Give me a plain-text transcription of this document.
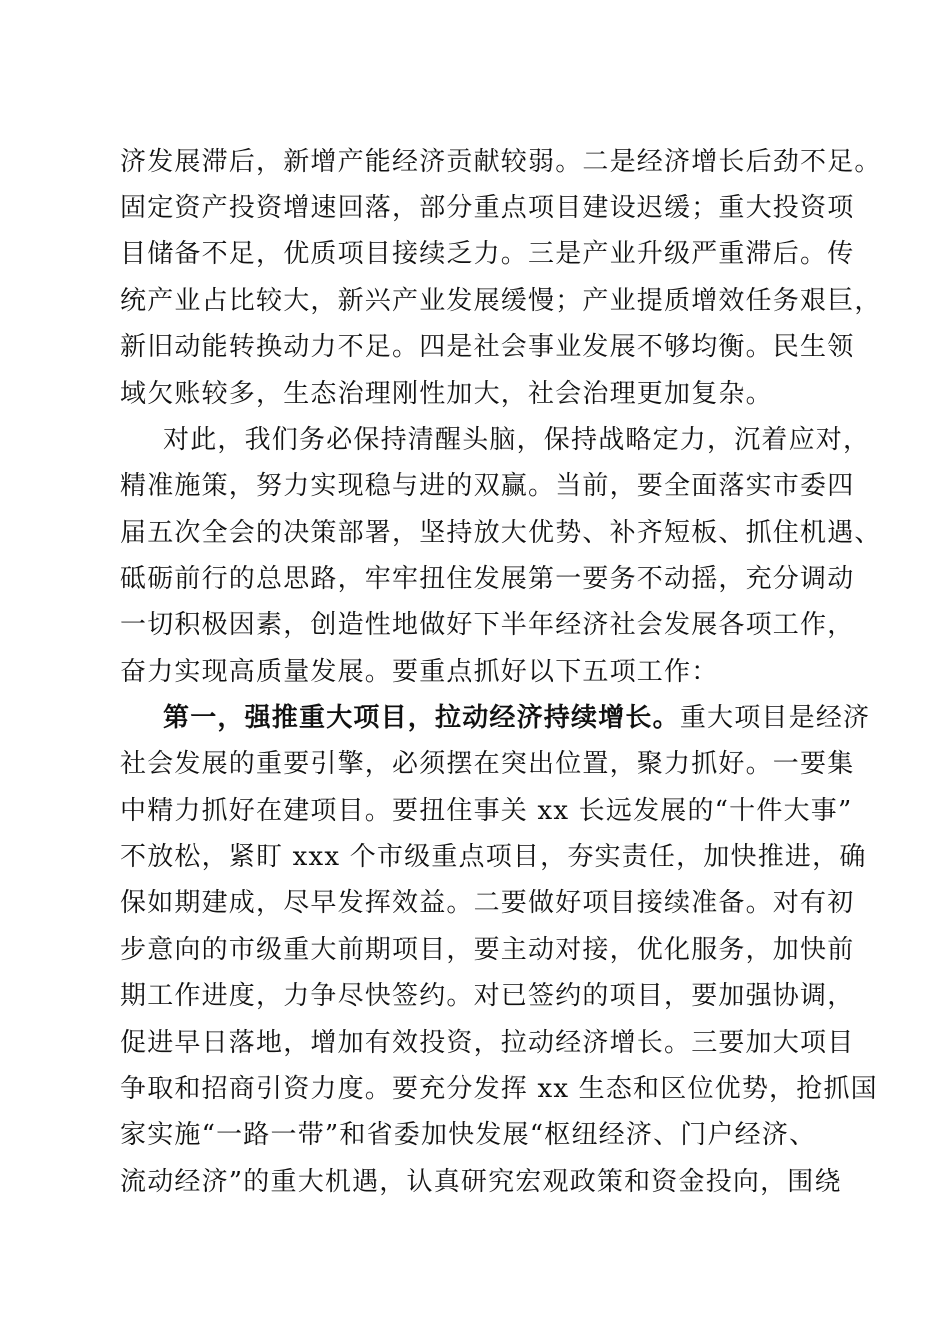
济发展滞后，新增产能经济贡献较弱。二是经济增长后劲不足。
固定资产投资增速回落，部分重点项目建设迟缓；重大投资项
目储备不足，优质项目接续乏力。三是产业升级严重滞后。传
统产业占比较大，新兴产业发展缓慢；产业提质增效任务艰巨，
新旧动能转换动力不足。四是社会事业发展不够均衡。民生领
域欠账较多，生态治理刚性加大，社会治理更加复杂。
对此，我们务必保持清醒头脑，保持战略定力，沉着应对，
精准施策，努力实现稳与进的双赢。当前，要全面落实市委四
届五次全会的决策部署，坚持放大优势、补齐短板、抓住机遇、
砥砺前行的总思路，牢牢扭住发展第一要务不动摇，充分调动
一切积极因素，创造性地做好下半年经济社会发展各项工作，
奋力实现高质量发展。要重点抓好以下五项工作：
第一，强推重大项目，拉动经济持续增长。重大项目是经济
社会发展的重要引擎，必须摆在突出位置，聚力抓好。一要集
中精力抓好在建项目。要扭住事关 xx 长远发展的“十件大事”
不放松，紧盯 xxx 个市级重点项目，夯实责任，加快推进，确
保如期建成，尽早发挥效益。二要做好项目接续准备。对有初
步意向的市级重大前期项目，要主动对接，优化服务，加快前
期工作进度，力争尽快签约。对已签约的项目，要加强协调，
促进早日落地，增加有效投资，拉动经济增长。三要加大项目
争取和招商引资力度。要充分发挥 xx 生态和区位优势，抢抓国
家实施“一路一带”和省委加快发展“枢纽经济、门户经济、
流动经济”的重大机遇，认真研究宏观政策和资金投向，围绕
